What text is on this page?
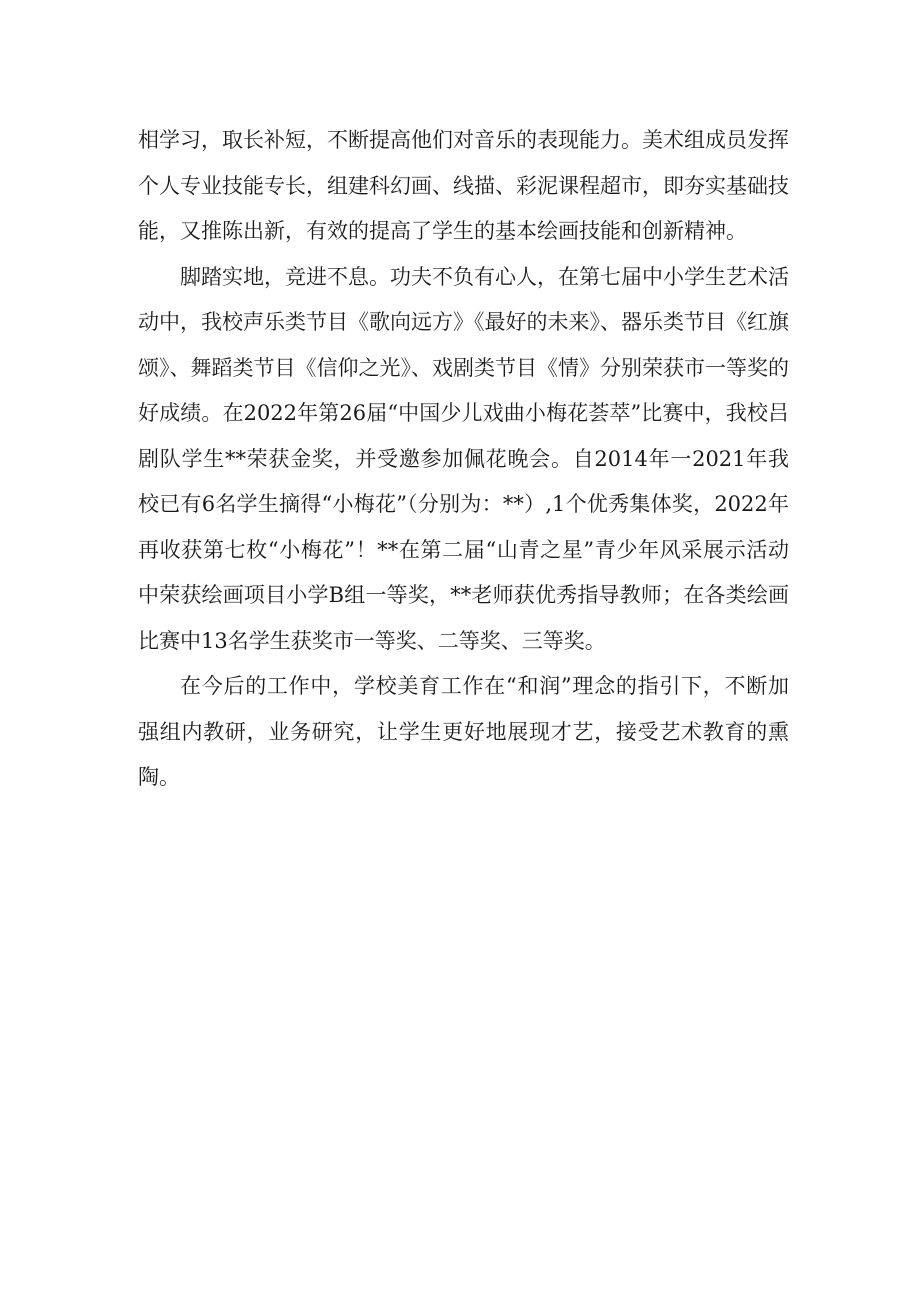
相学习，取长补短，不断提高他们对音乐的表现能力。美术组成员发挥个人专业技能专长，组建科幻画、线描、彩泥课程超市，即夯实基础技能，又推陈出新，有效的提高了学生的基本绘画技能和创新精神。

脚踏实地，竞进不息。功夫不负有心人，在第七届中小学生艺术活动中，我校声乐类节目《歌向远方》《最好的未来》、器乐类节目《红旗颂》、舞蹈类节目《信仰之光》、戏剧类节目《情》分别荣获市一等奖的好成绩。在2022年第26届“中国少儿戏曲小梅花荟萃”比赛中，我校吕剧队学生**荣获金奖，并受邀参加佩花晚会。自2014年一2021年我校已有6名学生摘得“小梅花”（分别为：**）,1个优秀集体奖，2022年再收获第七枚“小梅花”！**在第二届“山青之星”青少年风采展示活动中荣获绘画项目小学B组一等奖，**老师获优秀指导教师；在各类绘画比赛中13名学生获奖市一等奖、二等奖、三等奖。

在今后的工作中，学校美育工作在“和润”理念的指引下，不断加强组内教研，业务研究，让学生更好地展现才艺，接受艺术教育的熏陶。
